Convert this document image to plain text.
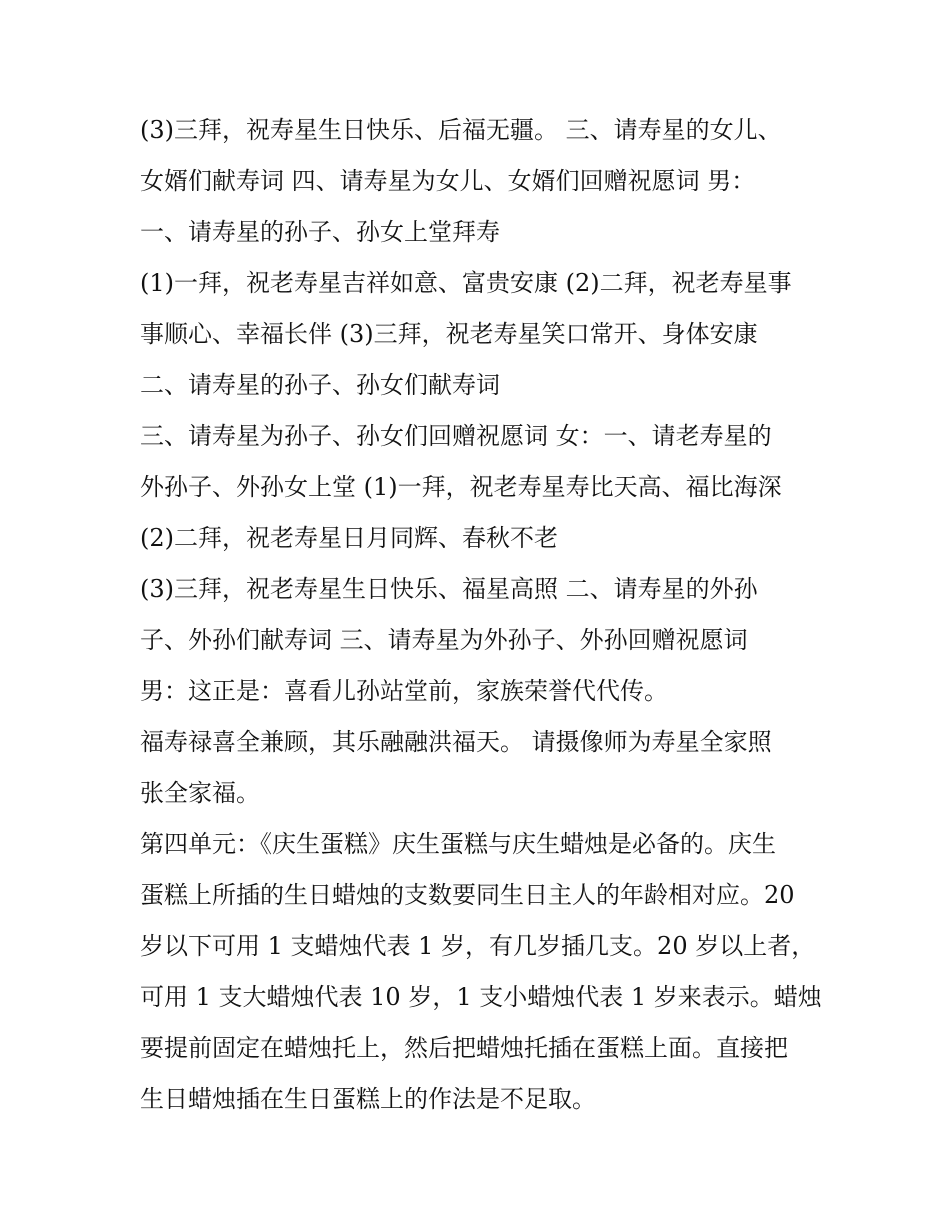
(3)三拜，祝寿星生日快乐、后福无疆。 三、请寿星的女儿、
女婿们献寿词 四、请寿星为女儿、女婿们回赠祝愿词 男：
一、请寿星的孙子、孙女上堂拜寿
(1)一拜，祝老寿星吉祥如意、富贵安康 (2)二拜，祝老寿星事
事顺心、幸福长伴 (3)三拜，祝老寿星笑口常开、身体安康
二、请寿星的孙子、孙女们献寿词
三、请寿星为孙子、孙女们回赠祝愿词 女：一、请老寿星的
外孙子、外孙女上堂 (1)一拜，祝老寿星寿比天高、福比海深
(2)二拜，祝老寿星日月同辉、春秋不老
(3)三拜，祝老寿星生日快乐、福星高照 二、请寿星的外孙
子、外孙们献寿词 三、请寿星为外孙子、外孙回赠祝愿词
男：这正是：喜看儿孙站堂前，家族荣誉代代传。
福寿禄喜全兼顾，其乐融融洪福天。 请摄像师为寿星全家照
张全家福。
第四单元：《庆生蛋糕》庆生蛋糕与庆生蜡烛是必备的。庆生
蛋糕上所插的生日蜡烛的支数要同生日主人的年龄相对应。20
岁以下可用 1 支蜡烛代表 1 岁，有几岁插几支。20 岁以上者，
可用 1 支大蜡烛代表 10 岁，1 支小蜡烛代表 1 岁来表示。蜡烛
要提前固定在蜡烛托上，然后把蜡烛托插在蛋糕上面。直接把
生日蜡烛插在生日蛋糕上的作法是不足取。
